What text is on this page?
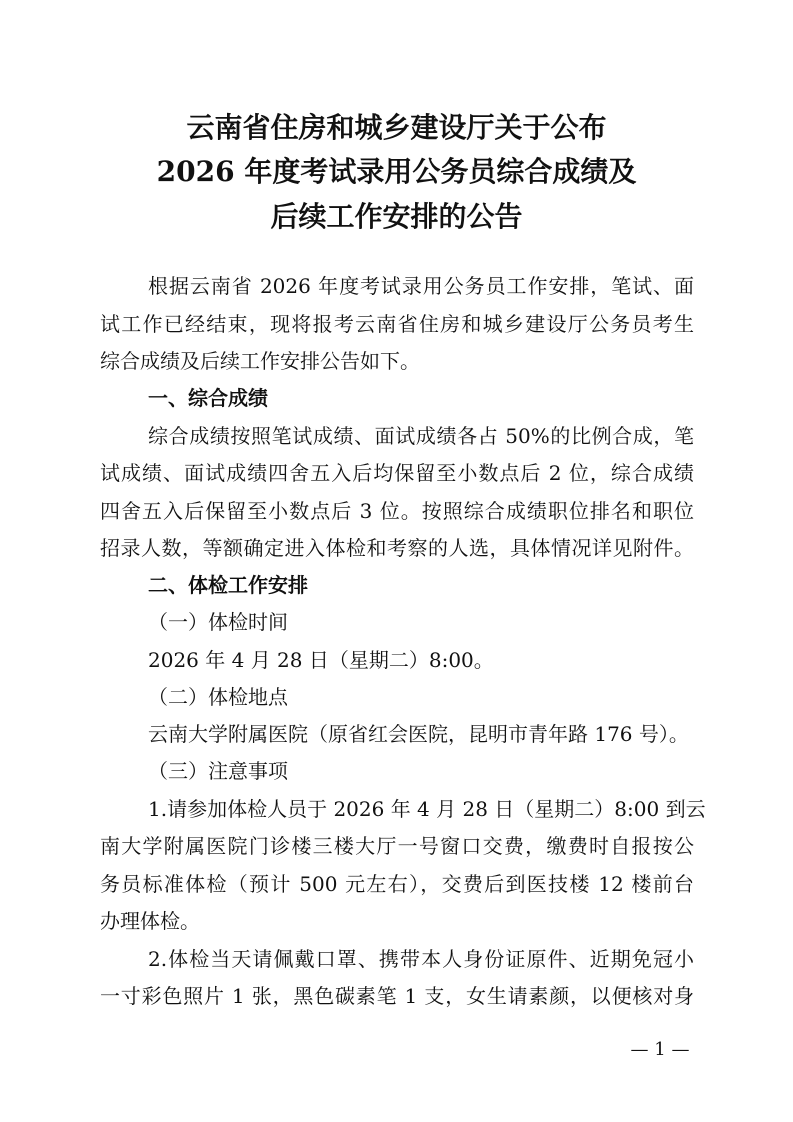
云南省住房和城乡建设厅关于公布
2026 年度考试录用公务员综合成绩及
后续工作安排的公告
根据云南省 2026 年度考试录用公务员工作安排，笔试、面
试工作已经结束，现将报考云南省住房和城乡建设厅公务员考生
综合成绩及后续工作安排公告如下。
一、综合成绩
综合成绩按照笔试成绩、面试成绩各占 50%的比例合成，笔
试成绩、面试成绩四舍五入后均保留至小数点后 2 位，综合成绩
四舍五入后保留至小数点后 3 位。按照综合成绩职位排名和职位
招录人数，等额确定进入体检和考察的人选，具体情况详见附件。
二、体检工作安排
（一）体检时间
2026 年 4 月 28 日（星期二）8:00。
（二）体检地点
云南大学附属医院（原省红会医院，昆明市青年路 176 号）。
（三）注意事项
1.请参加体检人员于 2026 年 4 月 28 日（星期二）8:00 到云
南大学附属医院门诊楼三楼大厅一号窗口交费，缴费时自报按公
务员标准体检（预计 500 元左右），交费后到医技楼 12 楼前台
办理体检。
2.体检当天请佩戴口罩、携带本人身份证原件、近期免冠小
一寸彩色照片 1 张，黑色碳素笔 1 支，女生请素颜，以便核对身
— 1 —
